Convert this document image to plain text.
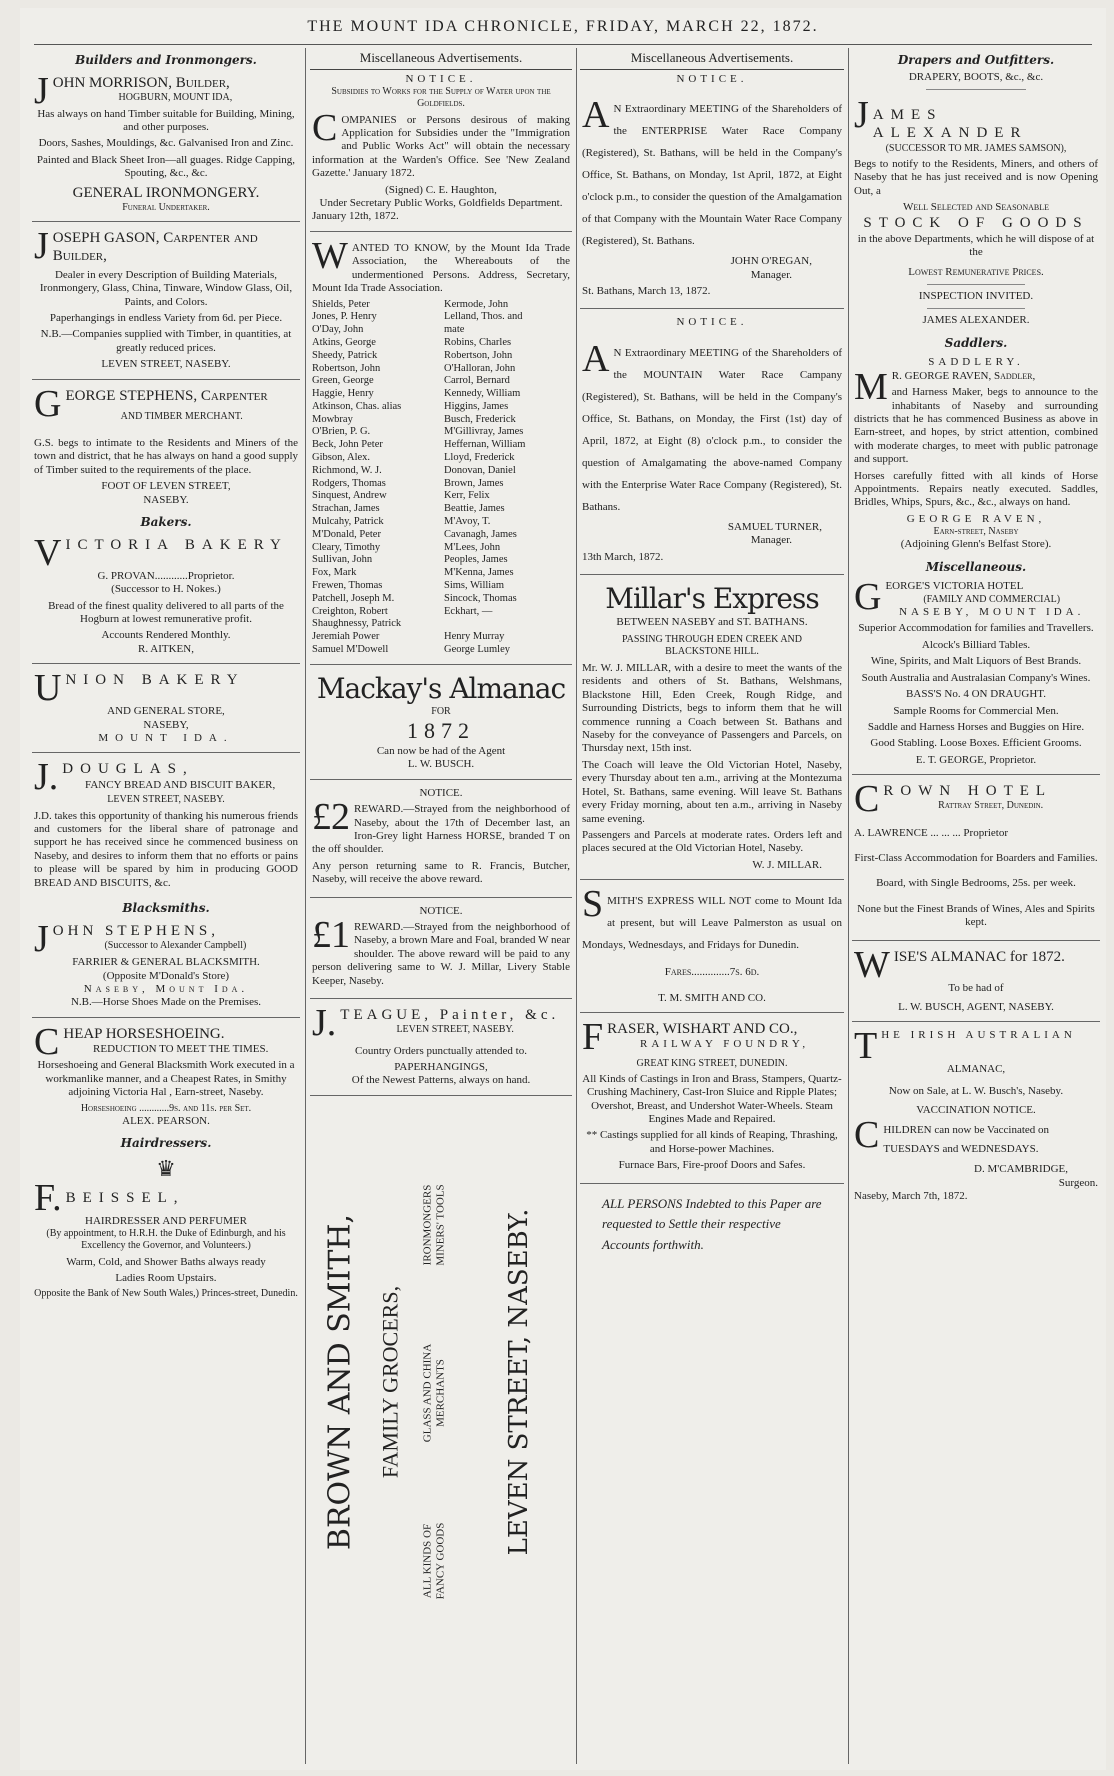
THE MOUNT IDA CHRONICLE, FRIDAY, MARCH 22, 1872.
Builders and Ironmongers.
J OHN MORRISON, Builder,
HOGBURN, MOUNT IDA,

Has always on hand Timber suitable for Building, Mining, and other purposes.

Doors, Sashes, Mouldings, &c. Galvanised Iron and Zinc.

Painted and Black Sheet Iron—all guages. Ridge Capping, Spouting, &c., &c.

GENERAL IRONMONGERY.
Funeral Undertaker.
J OSEPH GASON, Carpenter and Builder,

Dealer in every Description of Building Materials, Ironmongery, Glass, China, Tinware, Window Glass, Oil, Paints, and Colors.

Paperhangings in endless Variety from 6d. per Piece.

N.B.—Companies supplied with Timber, in quantities, at greatly reduced prices.

LEVEN STREET, NASEBY.
G EORGE STEPHENS, Carpenter
AND TIMBER MERCHANT.

G.S. begs to intimate to the Residents and Miners of the town and district, that he has always on hand a good supply of Timber suited to the requirements of the place.

FOOT OF LEVEN STREET,
NASEBY.
Bakers.
V ICTORIA BAKERY
G. PROVAN............Proprietor.
(Successor to H. Nokes.)

Bread of the finest quality delivered to all parts of the Hogburn at lowest remunerative profit.

Accounts Rendered Monthly.
R. AITKEN,
U NION BAKERY
AND GENERAL STORE,
NASEBY,
MOUNT IDA.
J. DOUGLAS,
FANCY BREAD AND BISCUIT BAKER,
LEVEN STREET, NASEBY.

J.D. takes this opportunity of thanking his numerous friends and customers for the liberal share of patronage and support he has received since he commenced business on Naseby, and desires to inform them that no efforts or pains to please will be spared by him in producing GOOD BREAD AND BISCUITS, &c.

Blacksmiths.
J OHN STEPHENS,
(Successor to Alexander Campbell)
FARRIER & GENERAL BLACKSMITH.
(Opposite M'Donald's Store)
Naseby, Mount Ida.
N.B.—Horse Shoes Made on the Premises.
C HEAP HORSESHOEING.
REDUCTION TO MEET THE TIMES.

Horseshoeing and General Blacksmith Work executed in a workmanlike manner, and a Cheapest Rates, in Smithy adjoining Victoria Hal , Earn-street, Naseby.

Horseshoeing ............9s. and 11s. per Set.
ALEX. PEARSON.
Hairdressers.
♛
F. BEISSEL,
HAIRDRESSER AND PERFUMER
(By appointment, to H.R.H. the Duke of Edinburgh, and his Excellency the Governor, and Volunteers.)

Warm, Cold, and Shower Baths always ready

Ladies Room Upstairs.

Opposite the Bank of New South Wales,) Princes-street, Dunedin.

Miscellaneous Advertisements.
NOTICE.
Subsidies to Works for the Supply of Water upon the Goldfields.
C OMPANIES or Persons desirous of making Application for Subsidies under the "Immigration and Public Works Act" will obtain the necessary information at the Warden's Office. See 'New Zealand Gazette.' January 1872.

(Signed) C. E. Haughton,
Under Secretary Public Works, Goldfields Department.
January 12th, 1872.
W ANTED TO KNOW, by the Mount Ida Trade Association, the Whereabouts of the undermentioned Persons. Address, Secretary, Mount Ida Trade Association.

Shields, Peter
Jones, P. Henry
O'Day, John
Atkins, George
Sheedy, Patrick
Robertson, John
Green, George
Haggie, Henry
Atkinson, Chas. alias
Mowbray
O'Brien, P. G.
Beck, John Peter
Gibson, Alex.
Richmond, W. J.
Rodgers, Thomas
Sinquest, Andrew
Strachan, James
Mulcahy, Patrick
M'Donald, Peter
Cleary, Timothy
Sullivan, John
Fox, Mark
Frewen, Thomas
Patchell, Joseph M.
Creighton, Robert
Shaughnessy, Patrick
Jeremiah Power
Samuel M'Dowell
Kermode, John
Lelland, Thos. and
mate
Robins, Charles
Robertson, John
O'Halloran, John
Carrol, Bernard
Kennedy, William
Higgins, James
Busch, Frederick
M'Gillivray, James
Heffernan, William
Lloyd, Frederick
Donovan, Daniel
Brown, James
Kerr, Felix
Beattie, James
M'Avoy, T.
Cavanagh, James
M'Lees, John
Peoples, James
M'Kenna, James
Sims, William
Sincock, Thomas
Eckhart, —

Henry Murray
George Lumley
Mackay's Almanac
FOR
1872
Can now be had of the Agent
L. W. BUSCH.
NOTICE.
£2 REWARD.—Strayed from the neighborhood of Naseby, about the 17th of December last, an Iron-Grey light Harness HORSE, branded T on the off shoulder.

Any person returning same to R. Francis, Butcher, Naseby, will receive the above reward.

NOTICE.
£1 REWARD.—Strayed from the neighborhood of Naseby, a brown Mare and Foal, branded W near shoulder. The above reward will be paid to any person delivering same to W. J. Millar, Livery Stable Keeper, Naseby.

J. TEAGUE, Painter, &c.
LEVEN STREET, NASEBY.

Country Orders punctually attended to.

PAPERHANGINGS,
Of the Newest Patterns, always on hand.
BROWN AND SMITH, FAMILY GROCERS,
IRONMONGERS MINERS' TOOLS
GLASS AND CHINA MERCHANTS
ALL KINDS OF FANCY GOODS
LEVEN STREET, NASEBY.
Miscellaneous Advertisements.
NOTICE.
A N Extraordinary MEETING of the Shareholders of the ENTERPRISE Water Race Company (Registered), St. Bathans, will be held in the Company's Office, St. Bathans, on Monday, 1st April, 1872, at Eight o'clock p.m., to consider the question of the Amalgamation of that Company with the Mountain Water Race Company (Registered), St. Bathans.

JOHN O'REGAN,
Manager.

St. Bathans, March 13, 1872.

NOTICE.
A N Extraordinary MEETING of the Shareholders of the MOUNTAIN Water Race Campany (Registered), St. Bathans, will be held in the Company's Office, St. Bathans, on Monday, the First (1st) day of April, 1872, at Eight (8) o'clock p.m., to consider the question of Amalgamating the above-named Company with the Enterprise Water Race Company (Registered), St. Bathans.

SAMUEL TURNER,
Manager.

13th March, 1872.

Millar's Express
BETWEEN NASEBY and ST. BATHANS.
PASSING THROUGH EDEN CREEK AND BLACKSTONE HILL.

Mr. W. J. MILLAR, with a desire to meet the wants of the residents and others of St. Bathans, Welshmans, Blackstone Hill, Eden Creek, Rough Ridge, and Surrounding Districts, begs to inform them that he will commence running a Coach between St. Bathans and Naseby for the conveyance of Passengers and Parcels, on Thursday next, 15th inst.

The Coach will leave the Old Victorian Hotel, Naseby, every Thursday about ten a.m., arriving at the Montezuma Hotel, St. Bathans, same evening. Will leave St. Bathans every Friday morning, about ten a.m., arriving in Naseby same evening.

Passengers and Parcels at moderate rates. Orders left and places secured at the Old Victorian Hotel, Naseby.

W. J. MILLAR.
S MITH'S EXPRESS WILL NOT come to Mount Ida at present, but will Leave Palmerston as usual on Mondays, Wednesdays, and Fridays for Dunedin.

Fares..............7s. 6d.
T. M. SMITH AND CO.
F RASER, WISHART AND CO.,
RAILWAY FOUNDRY,
GREAT KING STREET, DUNEDIN.

All Kinds of Castings in Iron and Brass, Stampers, Quartz-Crushing Machinery, Cast-Iron Sluice and Ripple Plates; Overshot, Breast, and Undershot Water-Wheels. Steam Engines Made and Repaired.

** Castings supplied for all kinds of Reaping, Thrashing, and Horse-power Machines.

Furnace Bars, Fire-proof Doors and Safes.

ALL PERSONS Indebted to this Paper are requested to Settle their respective Accounts forthwith.

Drapers and Outfitters.
DRAPERY, BOOTS, &c., &c.
J AMES ALEXANDER
(SUCCESSOR TO MR. JAMES SAMSON),

Begs to notify to the Residents, Miners, and others of Naseby that he has just received and is now Opening Out, a

Well Selected and Seasonable
STOCK OF GOODS
in the above Departments, which he will dispose of at the
Lowest Remunerative Prices.
INSPECTION INVITED.
JAMES ALEXANDER.
Saddlers.
SADDLERY.
M R. GEORGE RAVEN, Saddler,

and Harness Maker, begs to announce to the inhabitants of Naseby and surrounding districts that he has commenced Business as above in Earn-street, and hopes, by strict attention, combined with moderate charges, to meet with public patronage and support.

Horses carefully fitted with all kinds of Horse Appointments. Repairs neatly executed. Saddles, Bridles, Whips, Spurs, &c., &c., always on hand.

GEORGE RAVEN,
Earn-street, Naseby
(Adjoining Glenn's Belfast Store).
Miscellaneous.
G EORGE'S VICTORIA HOTEL
(FAMILY AND COMMERCIAL)
NASEBY, MOUNT IDA.

Superior Accommodation for families and Travellers.

Alcock's Billiard Tables.

Wine, Spirits, and Malt Liquors of Best Brands.

South Australia and Australasian Company's Wines.

BASS'S No. 4 ON DRAUGHT.

Sample Rooms for Commercial Men.

Saddle and Harness Horses and Buggies on Hire.

Good Stabling. Loose Boxes. Efficient Grooms.

E. T. GEORGE, Proprietor.
C ROWN HOTEL
Rattray Street, Dunedin.

A. LAWRENCE ... ... ... Proprietor

First-Class Accommodation for Boarders and Families.

Board, with Single Bedrooms, 25s. per week.

None but the Finest Brands of Wines, Ales and Spirits kept.

W ISE'S ALMANAC for 1872.
To be had of
L. W. BUSCH, AGENT, NASEBY.
T HE IRISH AUSTRALIAN
ALMANAC,
Now on Sale, at L. W. Busch's, Naseby.
VACCINATION NOTICE.
C HILDREN can now be Vaccinated on TUESDAYS and WEDNESDAYS.

D. M'CAMBRIDGE,
Surgeon.
Naseby, March 7th, 1872.
